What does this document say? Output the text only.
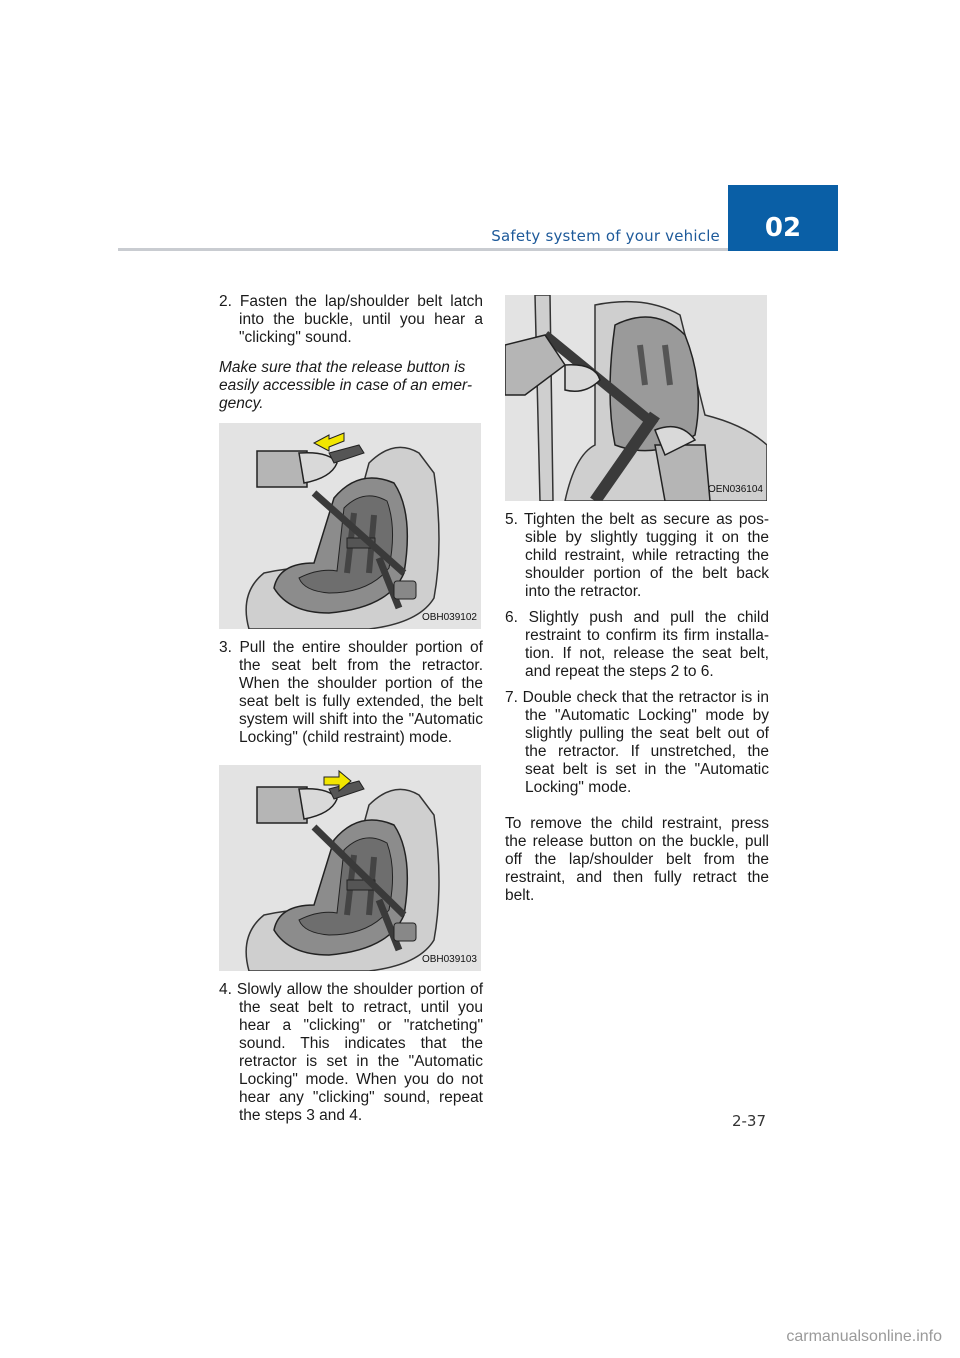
Safety system of your vehicle	02

2. Fasten the lap/shoulder belt latch into the buckle, until you hear a "clicking" sound.

Make sure that the release button is easily accessible in case of an emer-gency.

OBH039102

3. Pull the entire shoulder portion of the seat belt from the retractor. When the shoulder portion of the seat belt is fully extended, the belt system will shift into the "Automatic Locking" (child restraint) mode.

OBH039103

4. Slowly allow the shoulder portion of the seat belt to retract, until you hear a "clicking" or "ratcheting" sound. This indicates that the retractor is set in the "Automatic Locking" mode. When you do not hear any "clicking" sound, repeat the steps 3 and 4.

OEN036104

5. Tighten the belt as secure as pos-sible by slightly tugging it on the child restraint, while retracting the shoulder portion of the belt back into the retractor.

6. Slightly push and pull the child restraint to confirm its firm installa-tion. If not, release the seat belt, and repeat the steps 2 to 6.

7. Double check that the retractor is in the "Automatic Locking" mode by slightly pulling the seat belt out of the retractor. If unstretched, the seat belt is set in the "Automatic Locking" mode.

To remove the child restraint, press the release button on the buckle, pull off the lap/shoulder belt from the restraint, and then fully retract the belt.

2-37
carmanualsonline.info
